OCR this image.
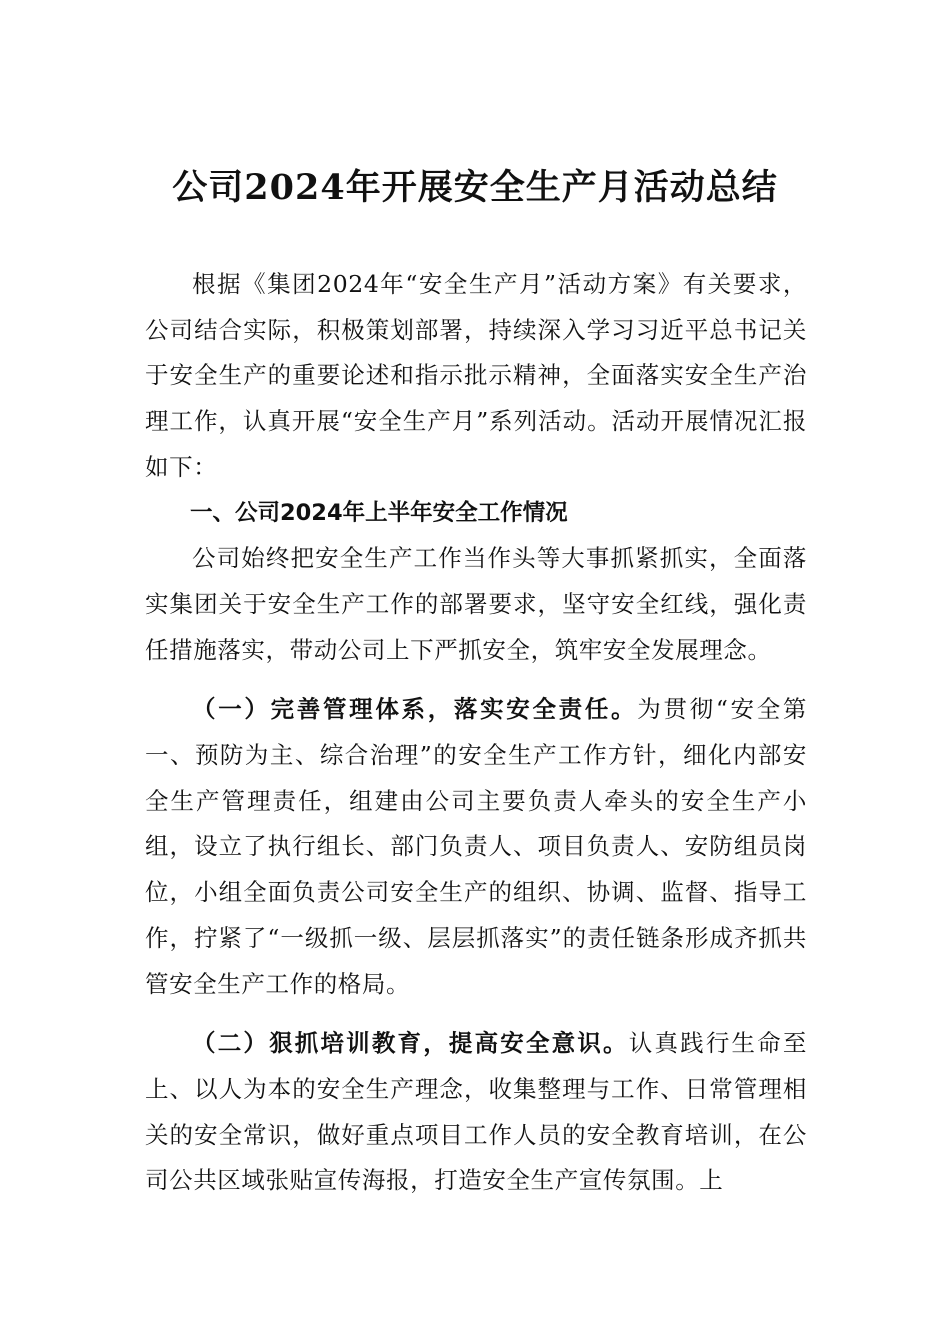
公司2024年开展安全生产月活动总结

根据《集团2024年“安全生产月”活动方案》有关要求，公司结合实际，积极策划部署，持续深入学习习近平总书记关于安全生产的重要论述和指示批示精神，全面落实安全生产治理工作，认真开展“安全生产月”系列活动。活动开展情况汇报如下：

一、公司2024年上半年安全工作情况

公司始终把安全生产工作当作头等大事抓紧抓实，全面落实集团关于安全生产工作的部署要求，坚守安全红线，强化责任措施落实，带动公司上下严抓安全，筑牢安全发展理念。

（一）完善管理体系，落实安全责任。为贯彻“安全第一、预防为主、综合治理”的安全生产工作方针，细化内部安全生产管理责任，组建由公司主要负责人牵头的安全生产小组，设立了执行组长、部门负责人、项目负责人、安防组员岗位，小组全面负责公司安全生产的组织、协调、监督、指导工作，拧紧了“一级抓一级、层层抓落实”的责任链条形成齐抓共管安全生产工作的格局。

（二）狠抓培训教育，提高安全意识。认真践行生命至上、以人为本的安全生产理念，收集整理与工作、日常管理相关的安全常识，做好重点项目工作人员的安全教育培训，在公司公共区域张贴宣传海报，打造安全生产宣传氛围。上
